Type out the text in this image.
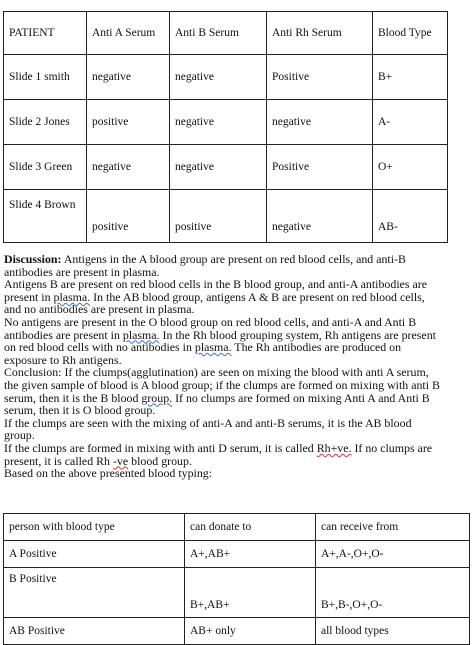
PATIENT	Anti A Serum	Anti B Serum	Anti Rh Serum	Blood Type
Slide 1 smith	negative	negative	Positive	B+
Slide 2 Jones	positive	negative	negative	A-
Slide 3 Green	negative	negative	Positive	O+
Slide 4 Brown	positive	positive	negative	AB-

Discussion: Antigens in the A blood group are present on red blood cells, and anti-B antibodies are present in plasma.

Antigens B are present on red blood cells in the B blood group, and anti-A antibodies are present in plasma. In the AB blood group, antigens A & B are present on red blood cells, and no antibodies are present in plasma.

No antigens are present in the O blood group on red blood cells, and anti-A and Anti B antibodies are present in plasma. In the Rh blood grouping system, Rh antigens are present on red blood cells with no antibodies in plasma. The Rh antibodies are produced on exposure to Rh antigens.

Conclusion: If the clumps(agglutination) are seen on mixing the blood with anti A serum, the given sample of blood is A blood group; if the clumps are formed on mixing with anti B serum, then it is the B blood group. If no clumps are formed on mixing Anti A and Anti B serum, then it is O blood group.

If the clumps are seen with the mixing of anti-A and anti-B serums, it is the AB blood group.

If the clumps are formed in mixing with anti D serum, it is called Rh+ve. If no clumps are present, it is called Rh -ve blood group.

Based on the above presented blood typing:

person with blood type	can donate to	can receive from
A Positive	A+,AB+	A+,A-,O+,O-
B Positive	B+,AB+	B+,B-,O+,O-
AB Positive	AB+ only	all blood types
